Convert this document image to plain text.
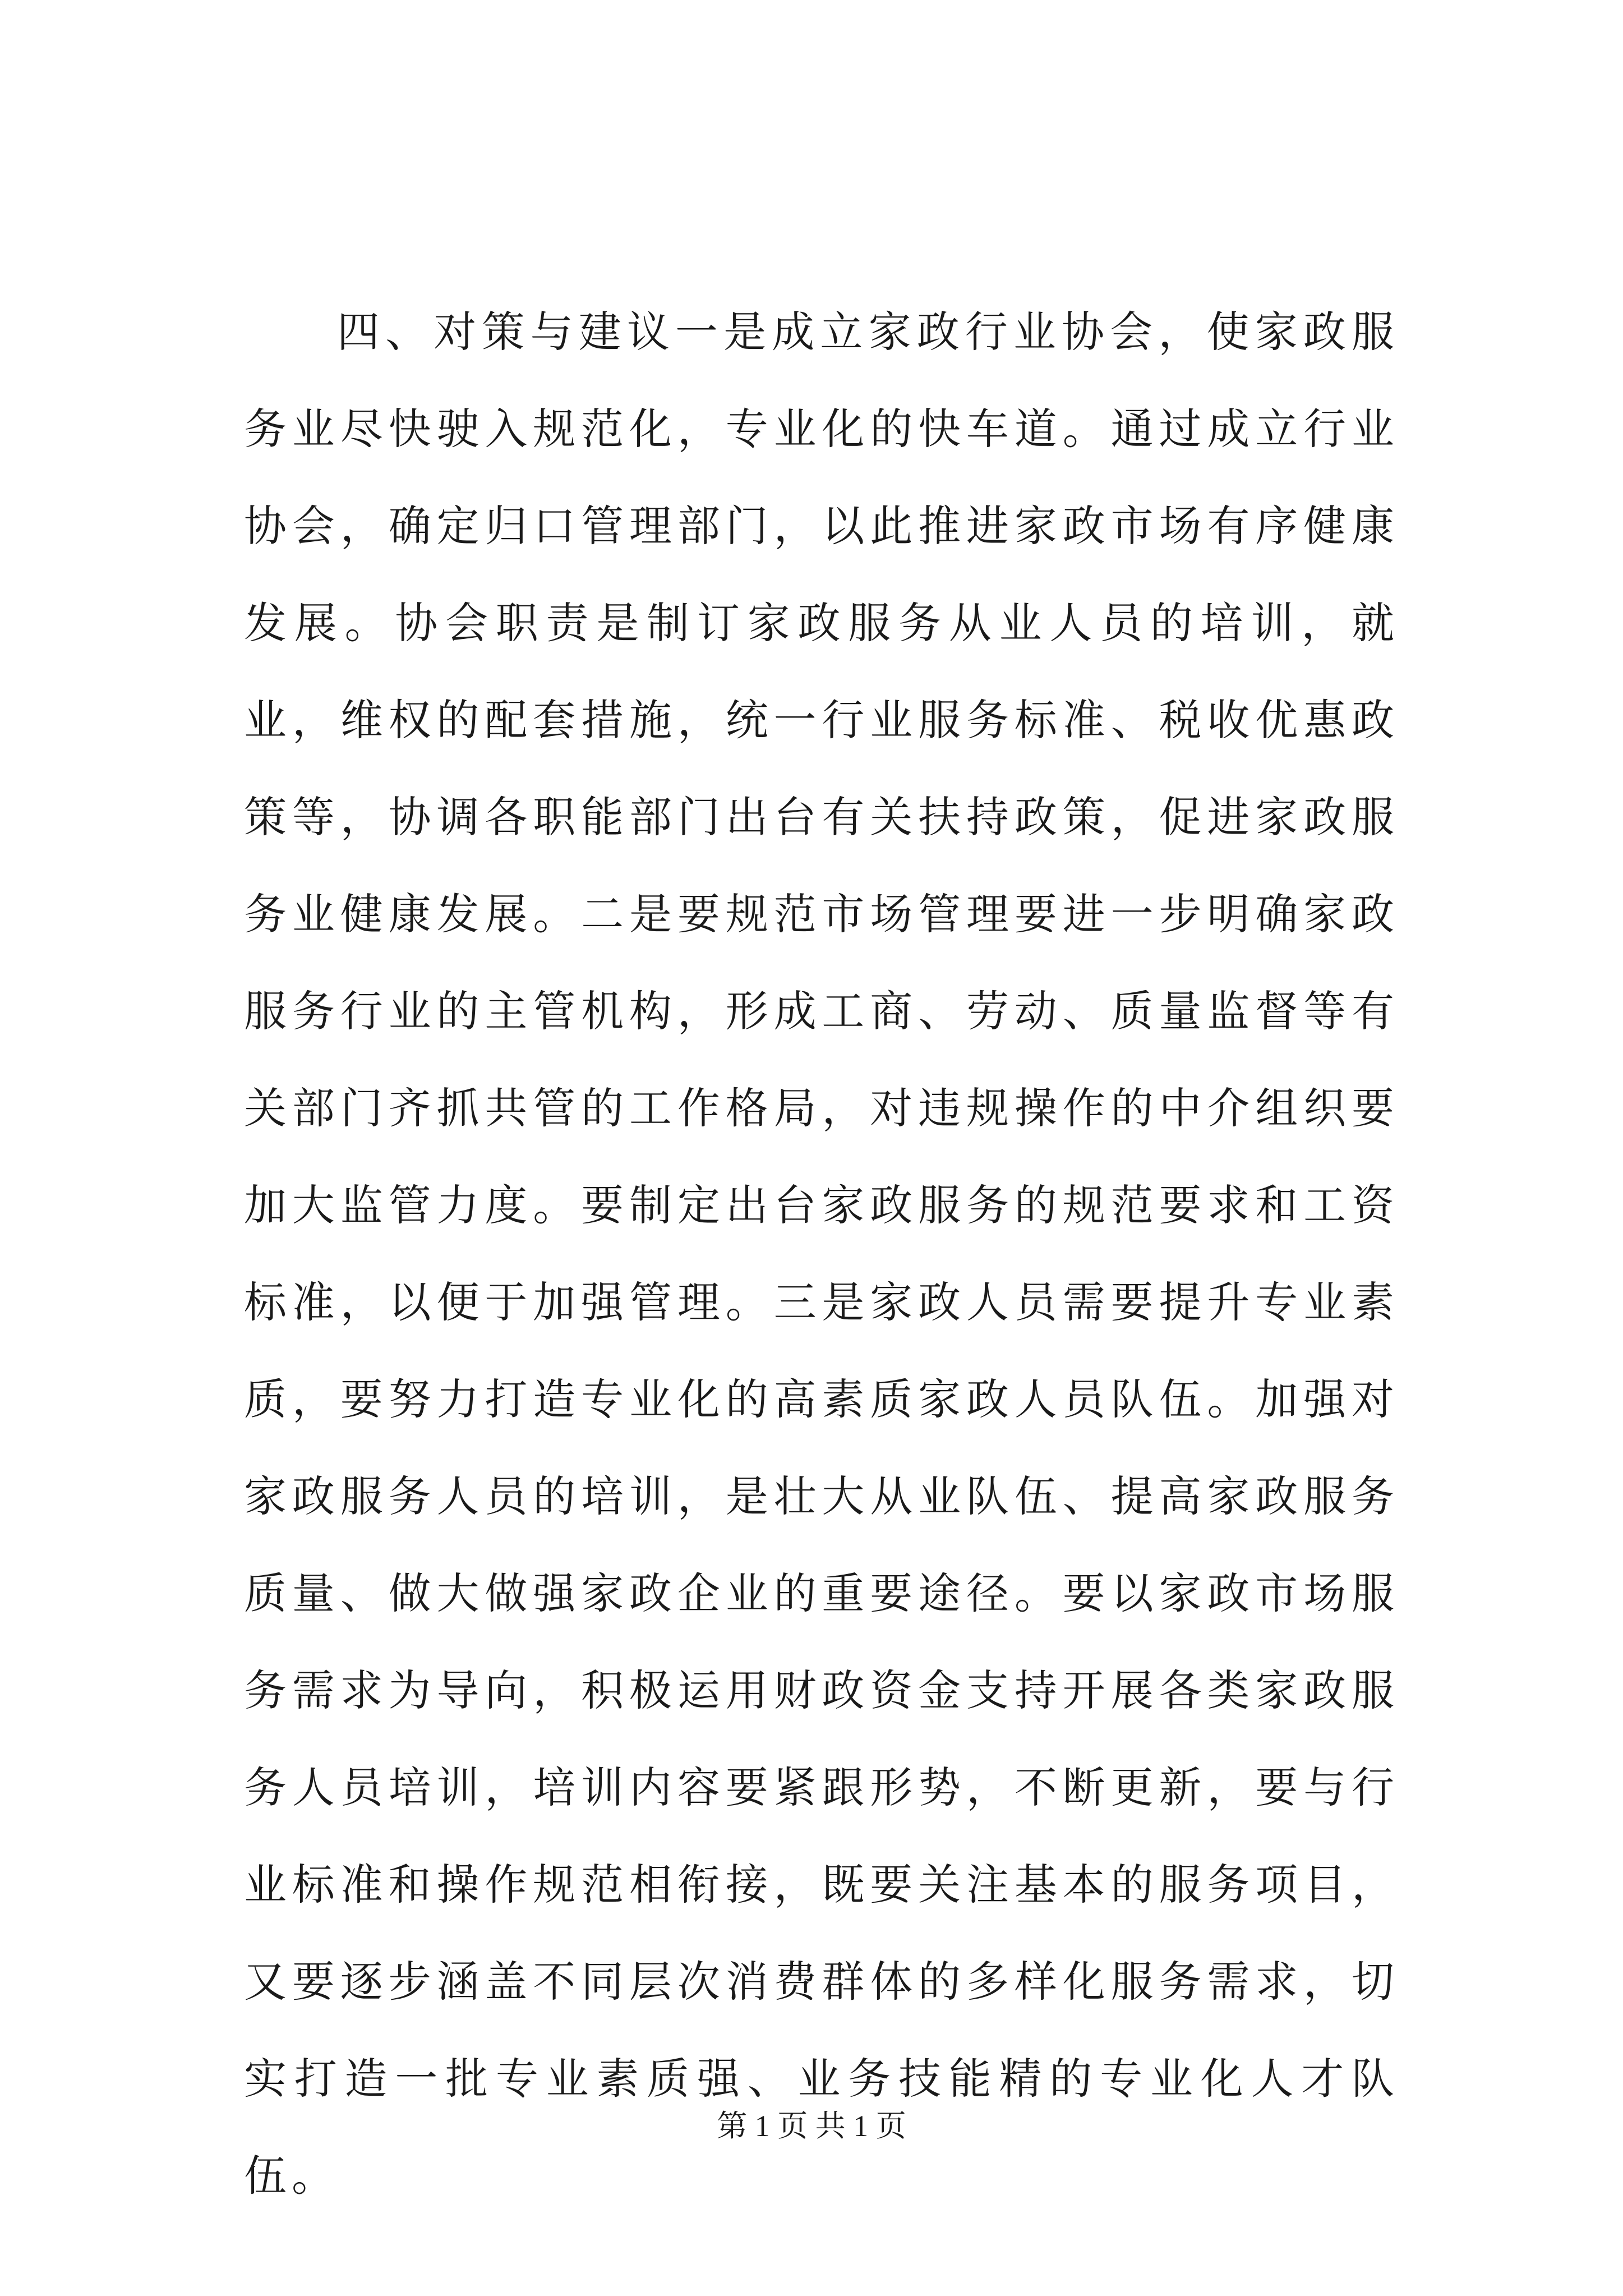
四、对策与建议一是成立家政行业协会，使家政服务业尽快驶入规范化，专业化的快车道。通过成立行业协会，确定归口管理部门，以此推进家政市场有序健康发展。协会职责是制订家政服务从业人员的培训，就业，维权的配套措施，统一行业服务标准、税收优惠政策等，协调各职能部门出台有关扶持政策，促进家政服务业健康发展。二是要规范市场管理要进一步明确家政服务行业的主管机构，形成工商、劳动、质量监督等有关部门齐抓共管的工作格局，对违规操作的中介组织要加大监管力度。要制定出台家政服务的规范要求和工资标准，以便于加强管理。三是家政人员需要提升专业素质，要努力打造专业化的高素质家政人员队伍。加强对家政服务人员的培训，是壮大从业队伍、提高家政服务质量、做大做强家政企业的重要途径。要以家政市场服务需求为导向，积极运用财政资金支持开展各类家政服务人员培训，培训内容要紧跟形势，不断更新，要与行业标准和操作规范相衔接，既要关注基本的服务项目，又要逐步涵盖不同层次消费群体的多样化服务需求，切实打造一批专业素质强、业务技能精的专业化人才队伍。

第 1 页 共 1 页
